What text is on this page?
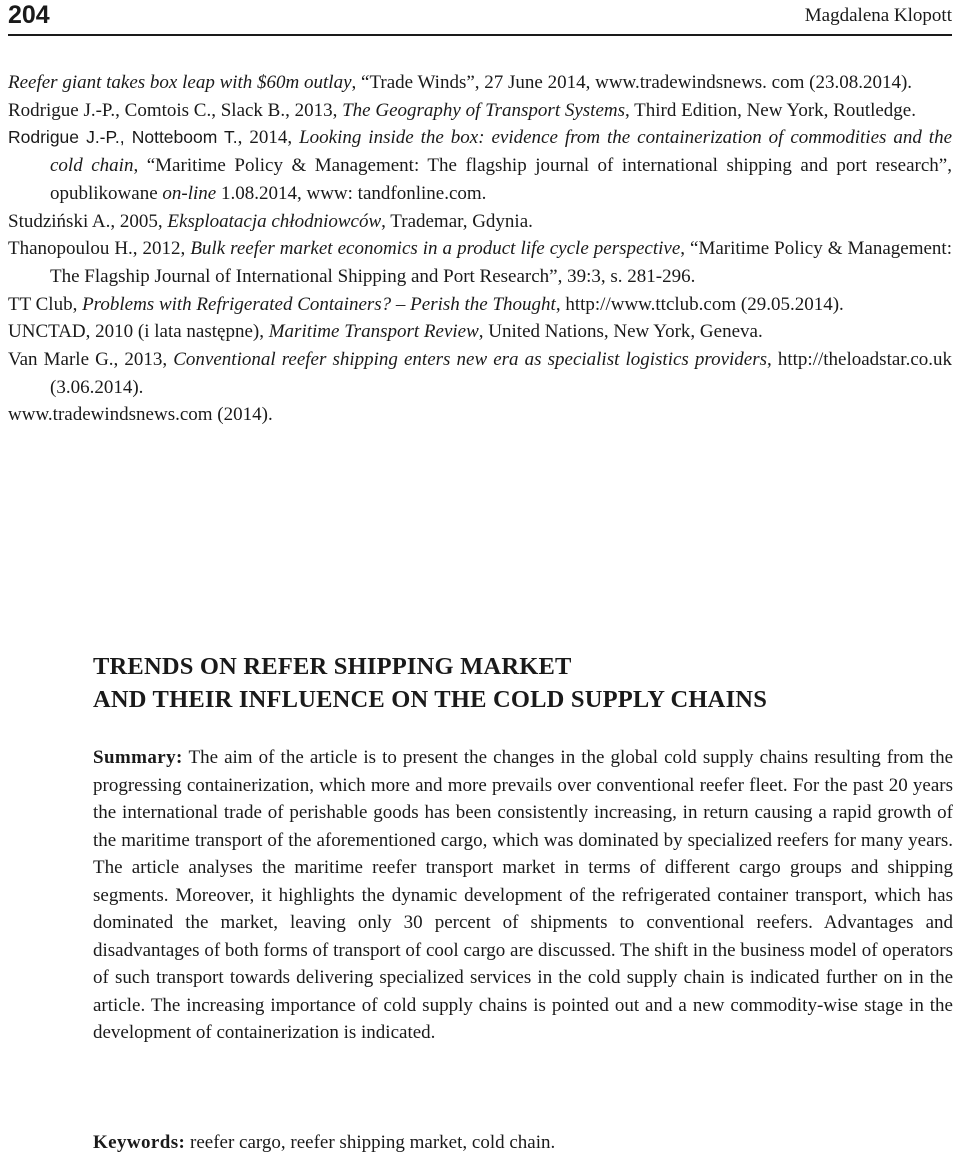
204	Magdalena Klopott

Reefer giant takes box leap with $60m outlay, “Trade Winds”, 27 June 2014, www.tradewindsnews. com (23.08.2014).

Rodrigue J.-P., Comtois C., Slack B., 2013, The Geography of Transport Systems, Third Edition, New York, Routledge.

Rodrigue J.-P., Notteboom T., 2014, Looking inside the box: evidence from the containerization of commodities and the cold chain, “Maritime Policy & Management: The flagship journal of international shipping and port research”, opublikowane on-line 1.08.2014, www: tandfonline.com.

Studziński A., 2005, Eksploatacja chłodniowców, Trademar, Gdynia.

Thanopoulou H., 2012, Bulk reefer market economics in a product life cycle perspective, “Maritime Policy & Management: The Flagship Journal of International Shipping and Port Research”, 39:3, s. 281-296.

TT Club, Problems with Refrigerated Containers? – Perish the Thought, http://www.ttclub.com (29.05.2014).

UNCTAD, 2010 (i lata następne), Maritime Transport Review, United Nations, New York, Geneva.

Van Marle G., 2013, Conventional reefer shipping enters new era as specialist logistics providers, http://theloadstar.co.uk (3.06.2014).

www.tradewindsnews.com (2014).

TRENDS ON REFER SHIPPING MARKET
AND THEIR INFLUENCE ON THE COLD SUPPLY CHAINS

Summary: The aim of the article is to present the changes in the global cold supply chains resulting from the progressing containerization, which more and more prevails over conventional reefer fleet. For the past 20 years the international trade of perishable goods has been consistently increasing, in return causing a rapid growth of the maritime transport of the aforementioned cargo, which was dominated by specialized reefers for many years. The article analyses the maritime reefer transport market in terms of different cargo groups and shipping segments. Moreover, it highlights the dynamic development of the refrigerated container transport, which has dominated the market, leaving only 30 percent of shipments to conventional reefers. Advantages and disadvantages of both forms of transport of cool cargo are discussed. The shift in the business model of operators of such transport towards delivering specialized services in the cold supply chain is indicated further on in the article. The increasing importance of cold supply chains is pointed out and a new commodity-wise stage in the development of containerization is indicated.

Keywords: reefer cargo, reefer shipping market, cold chain.
